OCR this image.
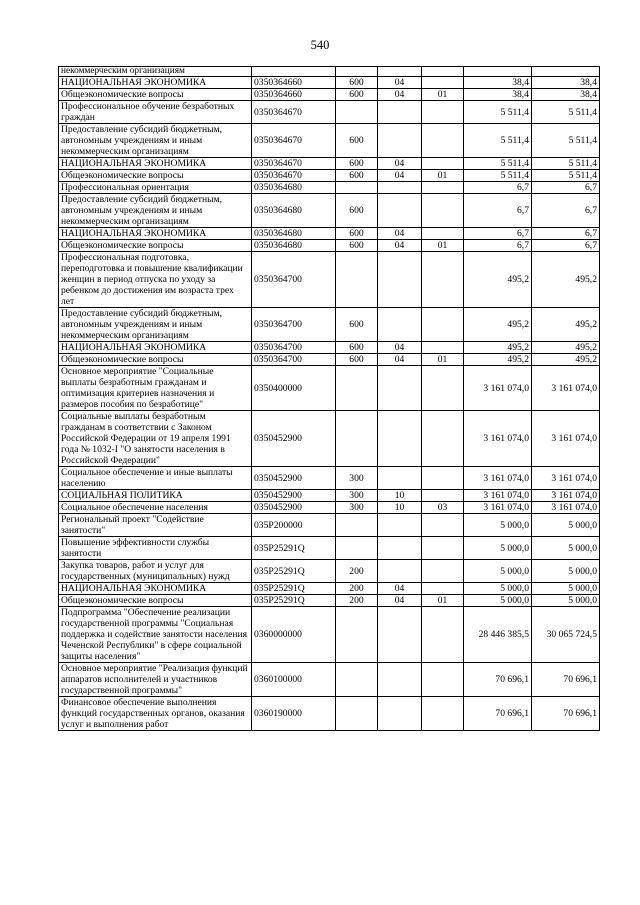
540
некоммерческим организациям						
НАЦИОНАЛЬНАЯ ЭКОНОМИКА	0350364660	600	04		38,4	38,4
Общеэкономические вопросы	0350364660	600	04	01	38,4	38,4
Профессиональное обучение безработных граждан	0350364670				5 511,4	5 511,4
Предоставление субсидий бюджетным, автономным учреждениям и иным некоммерческим организациям	0350364670	600			5 511,4	5 511,4
НАЦИОНАЛЬНАЯ ЭКОНОМИКА	0350364670	600	04		5 511,4	5 511,4
Общеэкономические вопросы	0350364670	600	04	01	5 511,4	5 511,4
Профессиональная ориентация	0350364680				6,7	6,7
Предоставление субсидий бюджетным, автономным учреждениям и иным некоммерческим организациям	0350364680	600			6,7	6,7
НАЦИОНАЛЬНАЯ ЭКОНОМИКА	0350364680	600	04		6,7	6,7
Общеэкономические вопросы	0350364680	600	04	01	6,7	6,7
Профессиональная подготовка, переподготовка и повышение квалификации женщин в период отпуска по уходу за ребенком до достижения им возраста трех лет	0350364700				495,2	495,2
Предоставление субсидий бюджетным, автономным учреждениям и иным некоммерческим организациям	0350364700	600			495,2	495,2
НАЦИОНАЛЬНАЯ ЭКОНОМИКА	0350364700	600	04		495,2	495,2
Общеэкономические вопросы	0350364700	600	04	01	495,2	495,2
Основное мероприятие "Социальные выплаты безработным гражданам и оптимизация критериев назначения и размеров пособия по безработице"	0350400000				3 161 074,0	3 161 074,0
Социальные выплаты безработным гражданам в соответствии с Законом Российской Федерации от 19 апреля 1991 года № 1032-I "О занятости населения в Российской Федерации"	0350452900				3 161 074,0	3 161 074,0
Социальное обеспечение и иные выплаты населению	0350452900	300			3 161 074,0	3 161 074,0
СОЦИАЛЬНАЯ ПОЛИТИКА	0350452900	300	10		3 161 074,0	3 161 074,0
Социальное обеспечение населения	0350452900	300	10	03	3 161 074,0	3 161 074,0
Региональный проект "Содействие занятости"	035P200000				5 000,0	5 000,0
Повышение эффективности службы занятости	035P25291Q				5 000,0	5 000,0
Закупка товаров, работ и услуг для государственных (муниципальных) нужд	035P25291Q	200			5 000,0	5 000,0
НАЦИОНАЛЬНАЯ ЭКОНОМИКА	035P25291Q	200	04		5 000,0	5 000,0
Общеэкономические вопросы	035P25291Q	200	04	01	5 000,0	5 000,0
Подпрограмма "Обеспечение реализации государственной программы "Социальная поддержка и содействие занятости населения Чеченской Республики" в сфере социальной защиты населения"	0360000000				28 446 385,5	30 065 724,5
Основное мероприятие "Реализация функций аппаратов исполнителей и участников государственной программы"	0360100000				70 696,1	70 696,1
Финансовое обеспечение выполнения функций государственных органов, оказания услуг и выполнения работ	0360190000				70 696,1	70 696,1
